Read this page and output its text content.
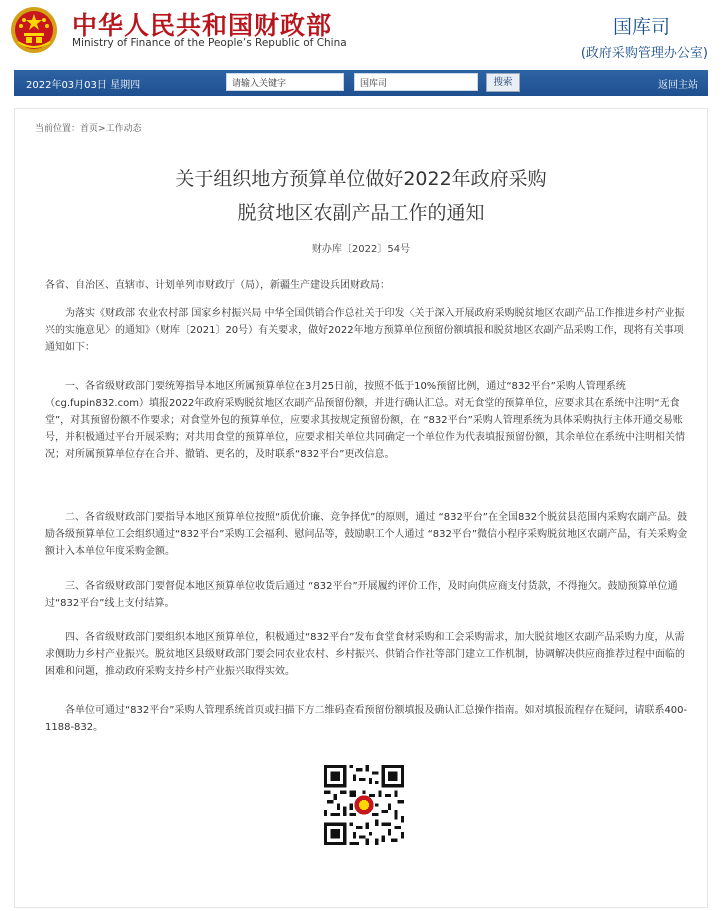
中华人民共和国财政部
Ministry of Finance of the People’s Republic of China
国库司
(政府采购管理办公室)
2022年03月03日 星期四
请输入关键字
国库司	搜索	返回主站
当前位置：首页>工作动态
关于组织地方预算单位做好2022年政府采购
脱贫地区农副产品工作的通知
财办库〔2022〕54号

各省、自治区、直辖市、计划单列市财政厅（局），新疆生产建设兵团财政局：

为落实《财政部 农业农村部 国家乡村振兴局 中华全国供销合作总社关于印发〈关于深入开展政府采购脱贫地区农副产品工作推进乡村产业振兴的实施意见〉的通知》（财库〔2021〕20号）有关要求，做好2022年地方预算单位预留份额填报和脱贫地区农副产品采购工作，现将有关事项通知如下：

一、各省级财政部门要统筹指导本地区所属预算单位在3月25日前，按照不低于10%预留比例，通过“832平台”采购人管理系统（cg.fupin832.com）填报2022年政府采购脱贫地区农副产品预留份额，并进行确认汇总。对无食堂的预算单位，应要求其在系统中注明“无食堂”，对其预留份额不作要求；对食堂外包的预算单位，应要求其按规定预留份额，在 “832平台”采购人管理系统为具体采购执行主体开通交易账号，并积极通过平台开展采购；对共用食堂的预算单位，应要求相关单位共同确定一个单位作为代表填报预留份额，其余单位在系统中注明相关情况；对所属预算单位存在合并、撤销、更名的，及时联系“832平台”更改信息。

二、各省级财政部门要指导本地区预算单位按照“质优价廉、竞争择优”的原则，通过 “832平台”在全国832个脱贫县范围内采购农副产品。鼓励各级预算单位工会组织通过“832平台”采购工会福利、慰问品等，鼓励职工个人通过 “832平台”微信小程序采购脱贫地区农副产品，有关采购金额计入本单位年度采购金额。

三、各省级财政部门要督促本地区预算单位收货后通过 “832平台”开展履约评价工作，及时向供应商支付货款，不得拖欠。鼓励预算单位通过“832平台”线上支付结算。

四、各省级财政部门要组织本地区预算单位，积极通过“832平台”发布食堂食材采购和工会采购需求，加大脱贫地区农副产品采购力度，从需求侧助力乡村产业振兴。脱贫地区县级财政部门要会同农业农村、乡村振兴、供销合作社等部门建立工作机制，协调解决供应商推荐过程中面临的困难和问题，推动政府采购支持乡村产业振兴取得实效。

各单位可通过“832平台”采购人管理系统首页或扫描下方二维码查看预留份额填报及确认汇总操作指南。如对填报流程存在疑问，请联系400-1188-832。
